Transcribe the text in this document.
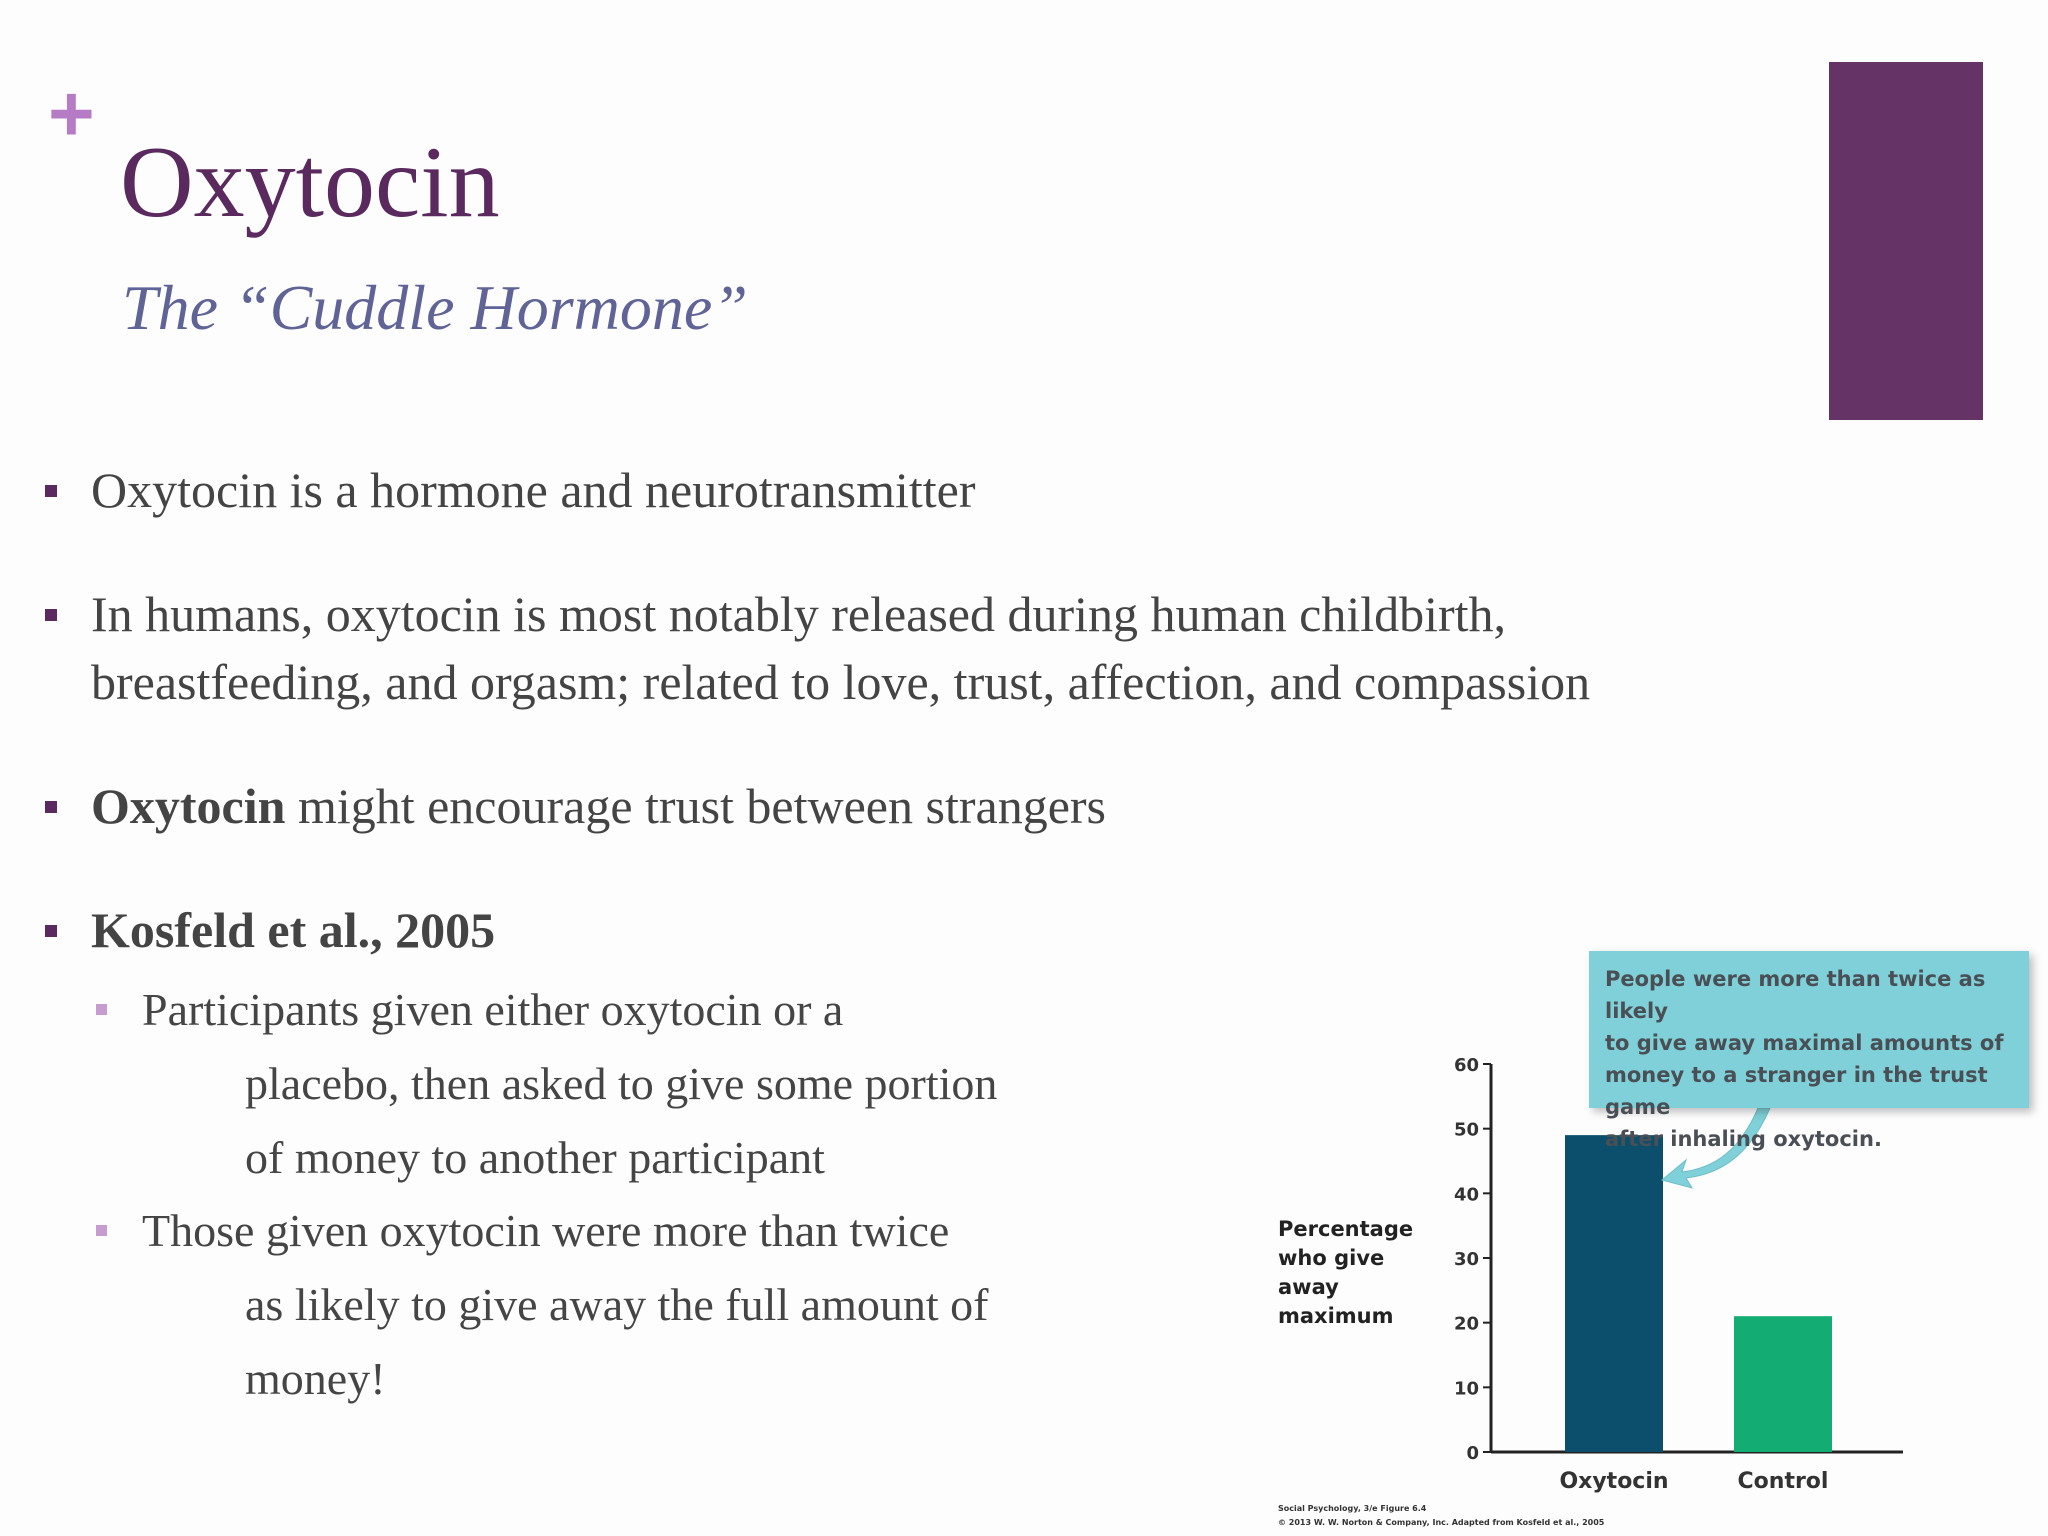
+
Oxytocin
The “Cuddle Hormone”
Oxytocin is a hormone and neurotransmitter
In humans, oxytocin is most notably released during human childbirth,
breastfeeding, and orgasm; related to love, trust, affection, and compassion
Oxytocin might encourage trust between strangers
Kosfeld et al., 2005
Participants given either oxytocin or a
placebo, then asked to give some portion
of money to another participant
Those given oxytocin were more than twice
as likely to give away the full amount of
money!
0
10
20
30
40
50
60
Oxytocin	Control
Percentage
who give
away maximum
People were more than twice as likely
to give away maximal amounts of
money to a stranger in the trust game
after inhaling oxytocin.
Social Psychology, 3/e Figure 6.4
© 2013 W. W. Norton & Company, Inc. Adapted from Kosfeld et al., 2005
